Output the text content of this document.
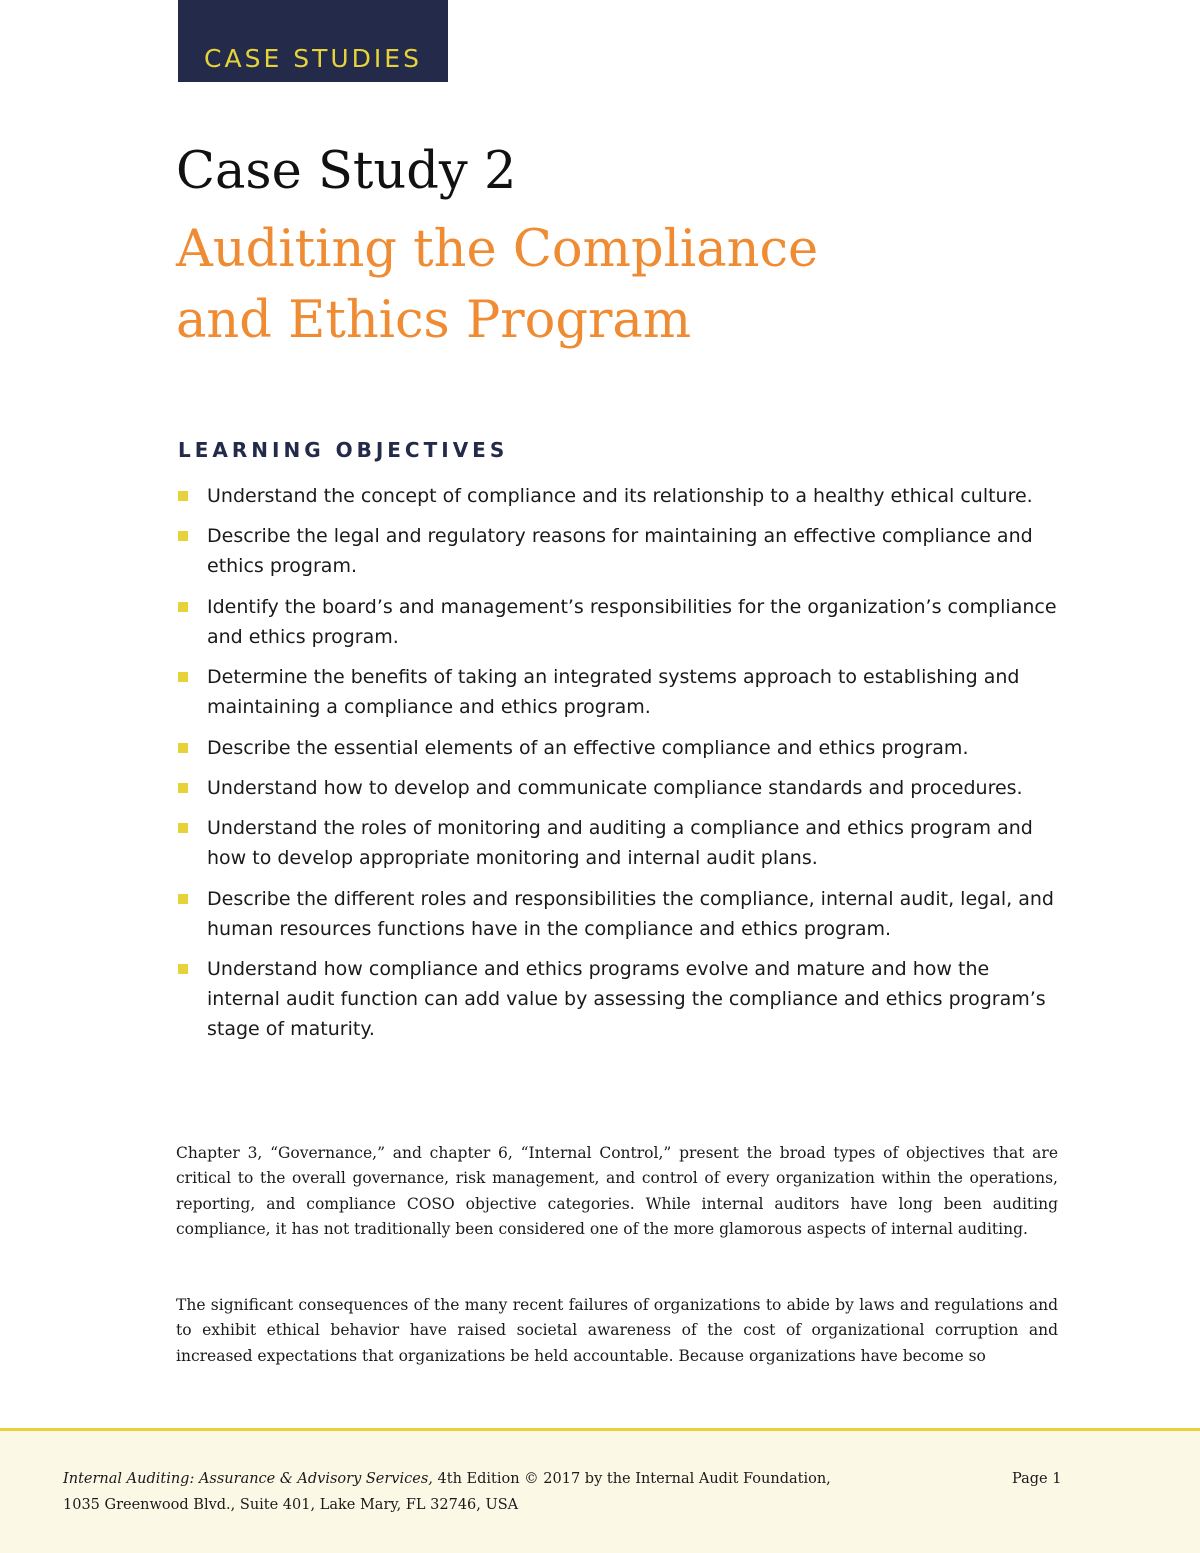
CASE STUDIES
Case Study 2
Auditing the Compliance
and Ethics Program
LEARNING OBJECTIVES
Understand the concept of compliance and its relationship to a healthy ethical culture.
Describe the legal and regulatory reasons for maintaining an effective compliance and ethics program.
Identify the board’s and management’s responsibilities for the organization’s compliance and ethics program.
Determine the benefits of taking an integrated systems approach to establishing and maintaining a compliance and ethics program.
Describe the essential elements of an effective compliance and ethics program.
Understand how to develop and communicate compliance standards and procedures.
Understand the roles of monitoring and auditing a compliance and ethics program and how to develop appropriate monitoring and internal audit plans.
Describe the different roles and responsibilities the compliance, internal audit, legal, and human resources functions have in the compliance and ethics program.
Understand how compliance and ethics programs evolve and mature and how the internal audit function can add value by assessing the compliance and ethics program’s stage of maturity.

Chapter 3, “Governance,” and chapter 6, “Internal Control,” present the broad types of objectives that are critical to the overall governance, risk management, and control of every organization within the operations, reporting, and compliance COSO objective categories. While internal auditors have long been auditing compliance, it has not traditionally been considered one of the more glamorous aspects of internal auditing.

The significant consequences of the many recent failures of organizations to abide by laws and regulations and to exhibit ethical behavior have raised societal awareness of the cost of organizational corruption and increased expectations that organizations be held accountable. Because organizations have become so

Internal Auditing: Assurance & Advisory Services, 4th Edition © 2017 by the Internal Audit Foundation,
1035 Greenwood Blvd., Suite 401, Lake Mary, FL 32746, USA
Page 1
